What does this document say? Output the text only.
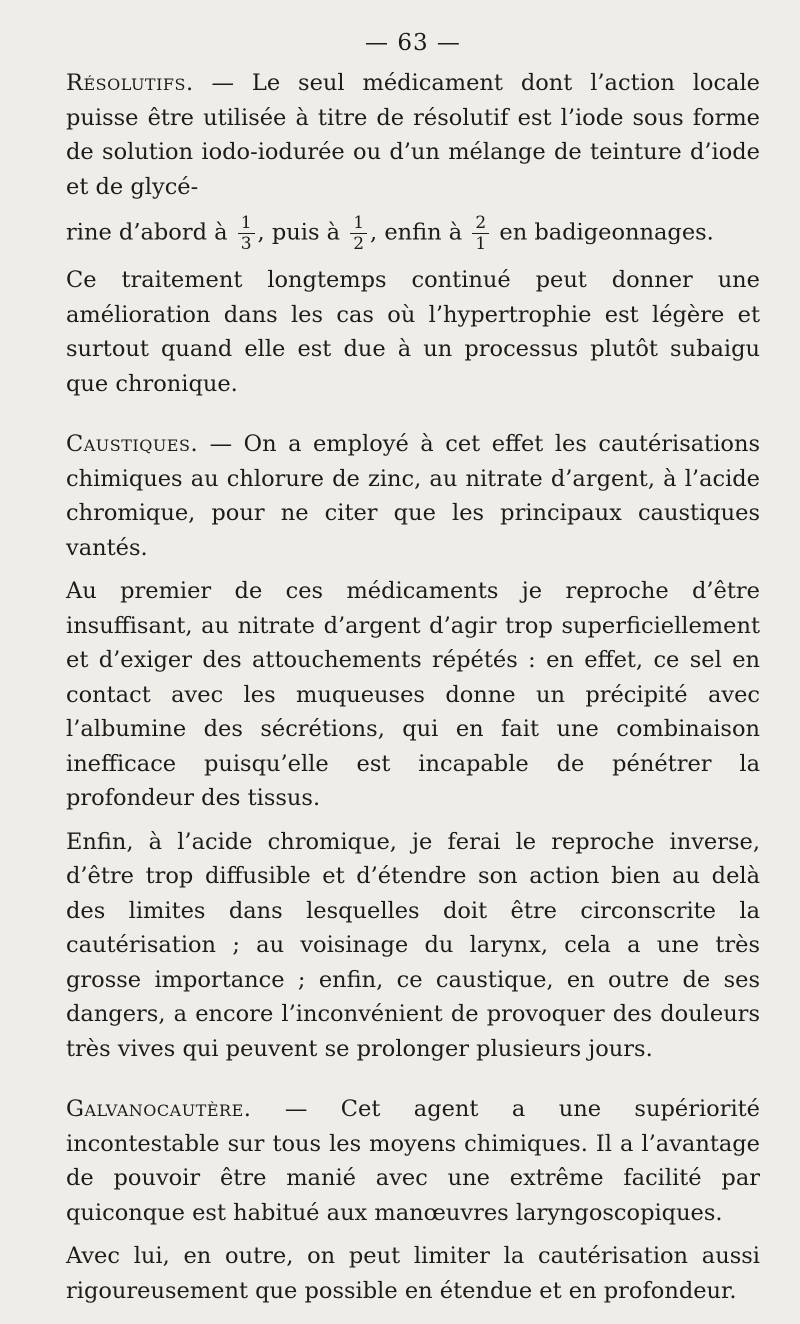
— 63 —

Résolutifs. — Le seul médicament dont l’action locale puisse être utilisée à titre de résolutif est l’iode sous forme de solution iodo-iodurée ou d’un mélange de teinture d’iode et de glycé-
rine d’abord à $\frac{1}{3}$ , puis à $\frac{1}{2}$ , enfin à $\frac{2}{1}$ en badigeonnages.

Ce traitement longtemps continué peut donner une amélioration dans les cas où l’hypertrophie est légère et surtout quand elle est due à un processus plutôt subaigu que chronique.

Caustiques. — On a employé à cet effet les cautérisations chimiques au chlorure de zinc, au nitrate d’argent, à l’acide chromique, pour ne citer que les principaux caustiques vantés.

Au premier de ces médicaments je reproche d’être insuffisant, au nitrate d’argent d’agir trop superficiellement et d’exiger des attouchements répétés : en effet, ce sel en contact avec les muqueuses donne un précipité avec l’albumine des sécrétions, qui en fait une combinaison inefficace puisqu’elle est incapable de pénétrer la profondeur des tissus.

Enfin, à l’acide chromique, je ferai le reproche inverse, d’être trop diffusible et d’étendre son action bien au delà des limites dans lesquelles doit être circonscrite la cautérisation ; au voisinage du larynx, cela a une très grosse importance ; enfin, ce caustique, en outre de ses dangers, a encore l’inconvénient de provoquer des douleurs très vives qui peuvent se prolonger plusieurs jours.

Galvanocautère. — Cet agent a une supériorité incontestable sur tous les moyens chimiques. Il a l’avantage de pouvoir être manié avec une extrême facilité par quiconque est habitué aux manœuvres laryngoscopiques.

Avec lui, en outre, on peut limiter la cautérisation aussi rigoureusement que possible en étendue et en profondeur.
